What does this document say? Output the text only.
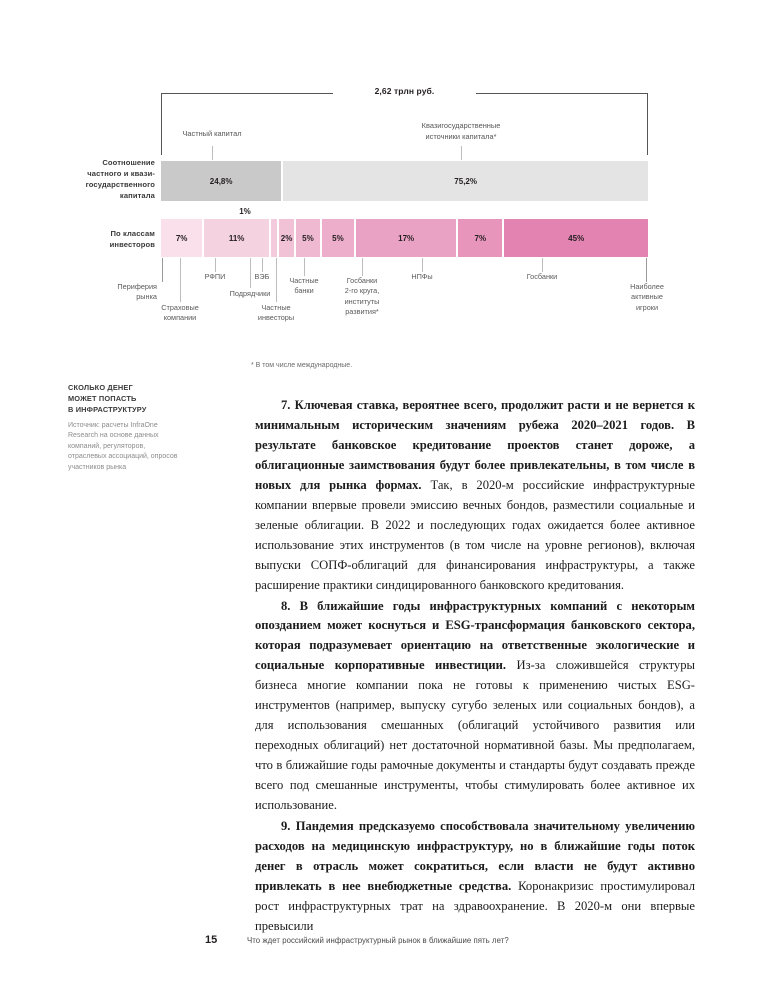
2,62 трлн руб.
Соотношение
частного и квази-
государственного
капитала
По классам
инвесторов
Частный капитал
Квазигосударственные
источники капитала*
24,8%	75,2%
1%
7%	11%	2%	5%	5%	17%	7%	45%
Периферия
рынка
Страховые
компании
РФПИ
Подрядчики
ВЭБ
Частные
инвесторы
Частные
банки
Госбанки
2-го круга,
институты
развития*
НПФы	Госбанки
Наиболее
активные
игроки
* В том числе международные.
СКОЛЬКО ДЕНЕГ
МОЖЕТ ПОПАСТЬ
В ИНФРАСТРУКТУРУ
Источник: расчеты InfraOne Research на основе данных компаний, регуляторов, отраслевых ассоциаций, опросов участников рынка

7. Ключевая ставка, вероятнее всего, продолжит расти и не вернется к минимальным историческим значениям рубежа 2020–2021 годов. В результате банковское кредитование проектов станет дороже, а облигационные заимствования будут более привлекательны, в том числе в новых для рынка формах. Так, в 2020-м российские инфраструктурные компании впервые провели эмиссию вечных бондов, разместили социальные и зеленые облигации. В 2022 и последующих годах ожидается более активное использование этих инструментов (в том числе на уровне регионов), включая выпуски СОПФ-облигаций для финансирования инфраструктуры, а также расширение практики синдицированного банковского кредитования.

8. В ближайшие годы инфраструктурных компаний с некоторым опозданием может коснуться и ESG-трансформация банковского сектора, которая подразумевает ориентацию на ответственные экологические и социальные корпоративные инвестиции. Из-за сложившейся структуры бизнеса многие компании пока не готовы к применению чистых ESG-инструментов (например, выпуску сугубо зеленых или социальных бондов), а для использования смешанных (облигаций устойчивого развития или переходных облигаций) нет достаточной нормативной базы. Мы предполагаем, что в ближайшие годы рамочные документы и стандарты будут создавать прежде всего под смешанные инструменты, чтобы стимулировать более активное их использование.

9. Пандемия предсказуемо способствовала значительному увеличению расходов на медицинскую инфраструктуру, но в ближайшие годы поток денег в отрасль может сократиться, если власти не будут активно привлекать в нее внебюджетные средства. Коронакризис простимулировал рост инфраструктурных трат на здравоохранение. В 2020-м они впервые превысили

15	Что ждет российский инфраструктурный рынок в ближайшие пять лет?
